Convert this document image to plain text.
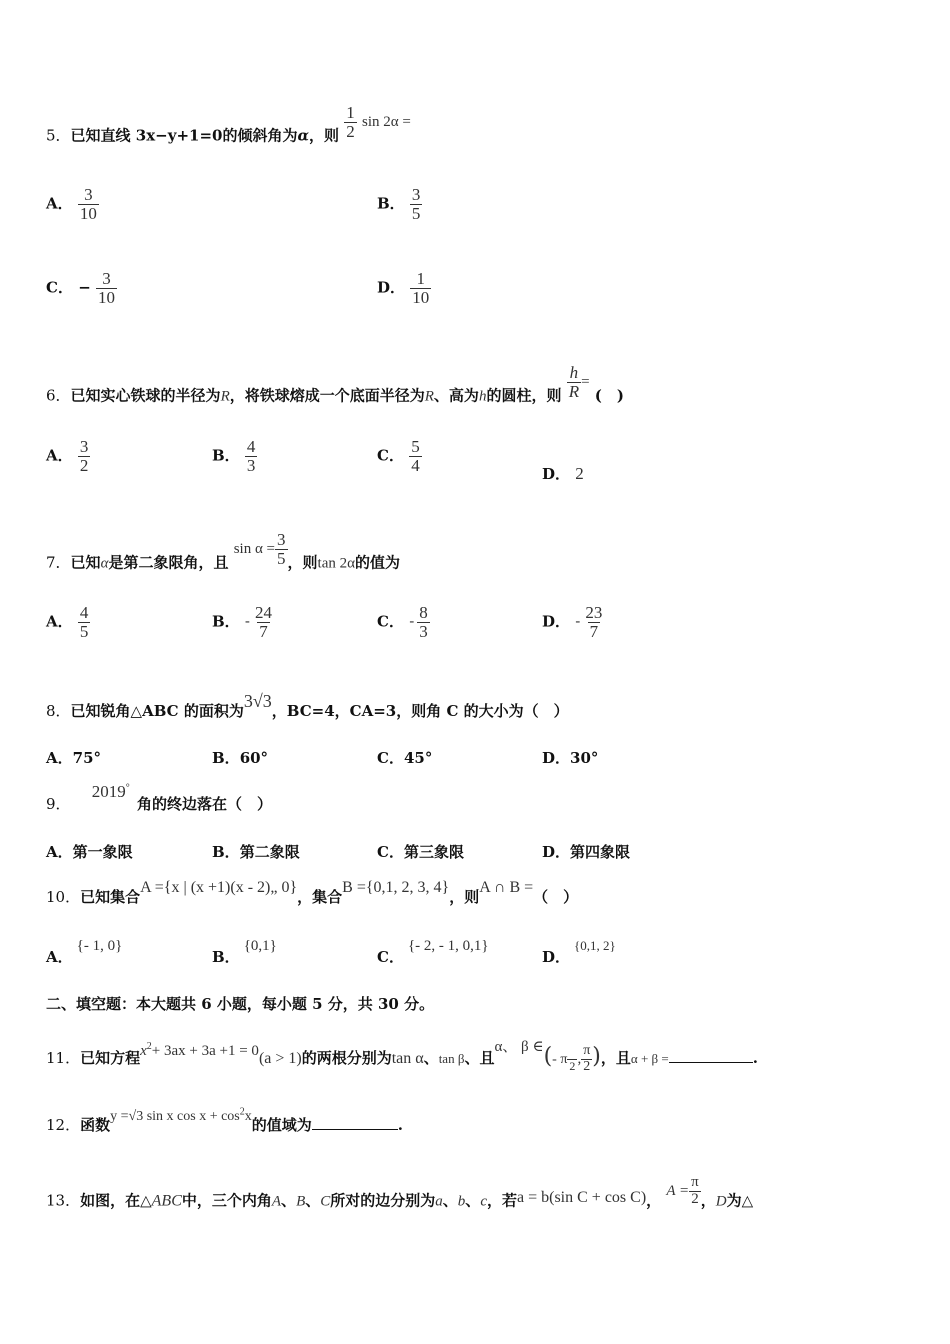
5．已知直线 3x−y+1=0的倾斜角为α，则 $\frac{1}{2}$ sin 2α =
A． $\frac{3}{10}$	B． $\frac{3}{5}$
C． − $\frac{3}{10}$	D． $\frac{1}{10}$
6．已知实心铁球的半径为R，将铁球熔成一个底面半径为R、高为h的圆柱，则 $\frac{h}{R}$ = (　)
A． $\frac{3}{2}$	B． $\frac{4}{3}$	C． $\frac{5}{4}$	D． 2
7．已知α是第二象限角，且 $\sin \alpha = \frac{3}{5}$ ，则tan 2α的值为
A． $\frac{4}{5}$	B． - $\frac{24}{7}$	C． - $\frac{8}{3}$	D． - $\frac{23}{7}$
8．已知锐角△ABC 的面积为3√3，BC=4，CA=3，则角 C 的大小为（　）
A．75°	B．60°	C．45°	D．30°
9． 2019° 角的终边落在（　）
A．第一象限	B．第二象限	C．第三象限	D．第四象限
10．已知集合A ={x | (x +1)(x - 2)„ 0}，集合B ={0,1, 2, 3, 4}，则A ∩ B =（　）
A．{- 1, 0}
B．{0,1}
C．{- 2, - 1, 0,1}
D．{0,1, 2}
二、填空题：本大题共 6 小题，每小题 5 分，共 30 分。
11．已知方程$x^2+ 3ax + 3a +1 = 0(a > 1)$的两根分别为tan α、tan β、且α、 β ∈(- π 2 , $\frac{\pi}{2}$ )，且α + β =	.
12．函数y =√3 sin x $\cos x + \cos^2x$的值域为	.
13．如图，在△ABC中，三个内角A、B、C所对的边分别为a、b、c，若a = b(sin C + cos C)， $A = \frac{\pi}{2}$ ，D为△
